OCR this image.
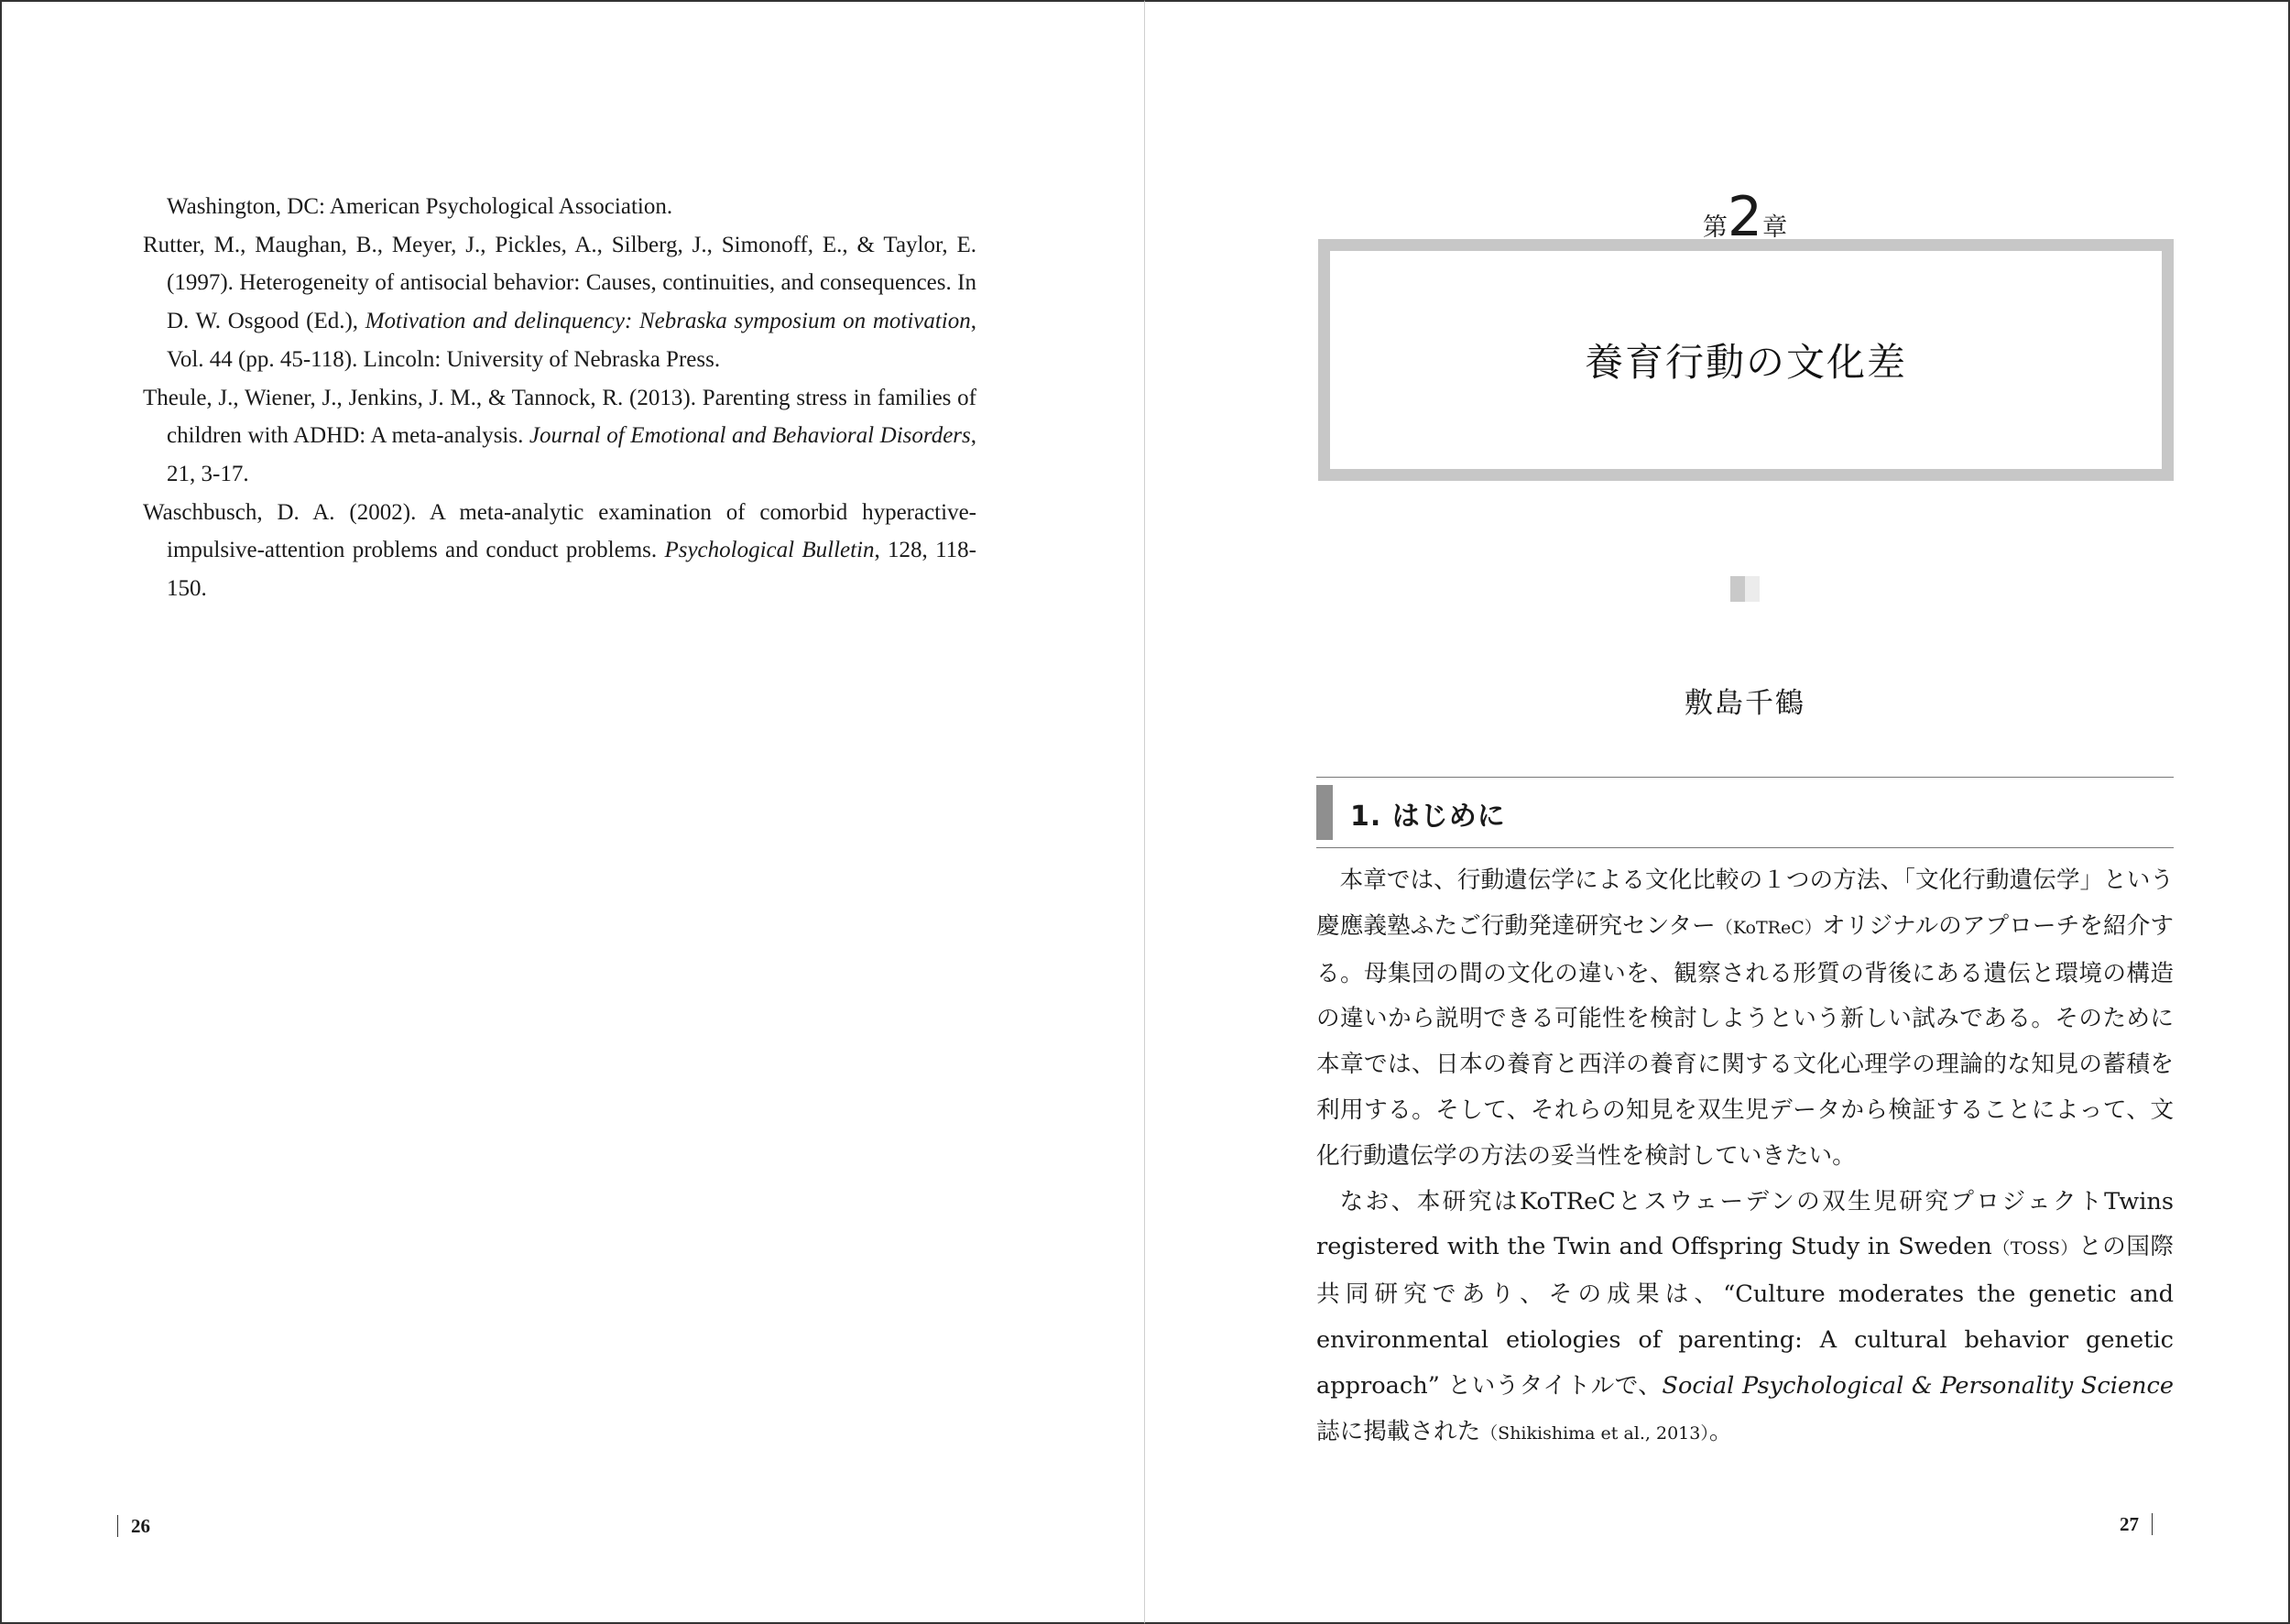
Washington, DC: American Psychological Association.

Rutter, M., Maughan, B., Meyer, J., Pickles, A., Silberg, J., Simonoff, E., & Taylor, E. (1997). Heterogeneity of antisocial behavior: Causes, continuities, and consequences. In D. W. Osgood (Ed.), Motivation and delinquency: Nebraska symposium on motivation, Vol. 44 (pp. 45-118). Lincoln: University of Nebraska Press.

Theule, J., Wiener, J., Jenkins, J. M., & Tannock, R. (2013). Parenting stress in families of children with ADHD: A meta-analysis. Journal of Emotional and Behavioral Disorders, 21, 3-17.

Waschbusch, D. A. (2002). A meta-analytic examination of comorbid hyperactive-impulsive-attention problems and conduct problems. Psychological Bulletin, 128, 118-150.

26
第2章
養育行動の文化差
敷島千鶴
1. はじめに

本章では、行動遺伝学による文化比較の１つの方法、「文化行動遺伝学」という慶應義塾ふたご行動発達研究センター（KoTReC）オリジナルのアプローチを紹介する。母集団の間の文化の違いを、観察される形質の背後にある遺伝と環境の構造の違いから説明できる可能性を検討しようという新しい試みである。そのために本章では、日本の養育と西洋の養育に関する文化心理学の理論的な知見の蓄積を利用する。そして、それらの知見を双生児データから検証することによって、文化行動遺伝学の方法の妥当性を検討していきたい。

なお、本研究はKoTReCとスウェーデンの双生児研究プロジェクトTwins registered with the Twin and Offspring Study in Sweden（TOSS）との国際共同研究であり、その成果は、“Culture moderates the genetic and environmental etiologies of parenting: A cultural behavior genetic approach” というタイトルで、Social Psychological & Personality Science誌に掲載された（Shikishima et al., 2013）。

27
